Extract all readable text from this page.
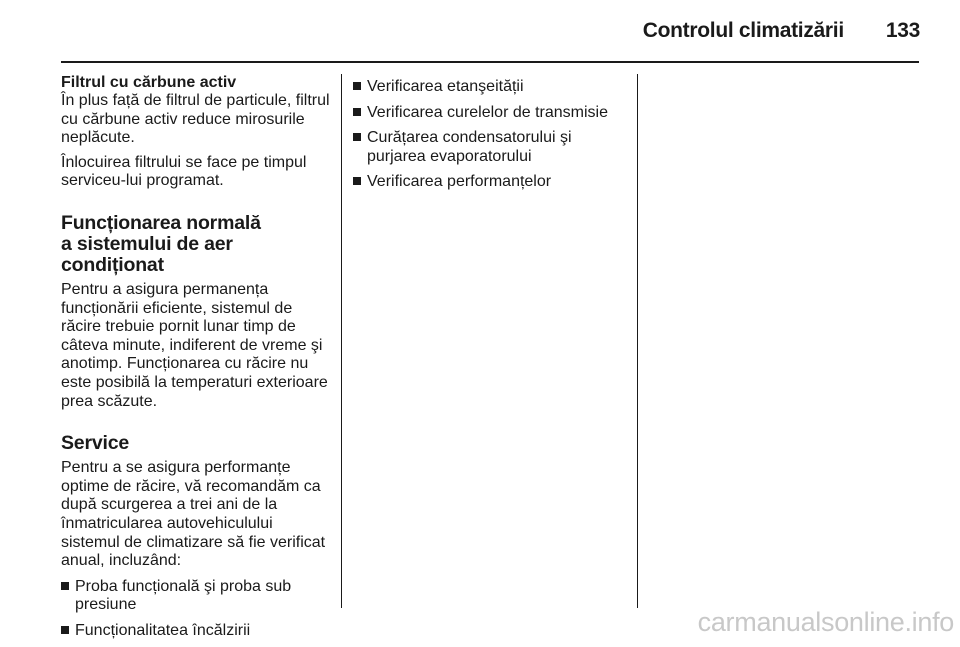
Controlul climatizării 133
Filtrul cu cărbune activ

În plus față de filtrul de particule, filtrul cu cărbune activ reduce mirosurile neplăcute.

Înlocuirea filtrului se face pe timpul serviceu-lui programat.

Funcționarea normală
a sistemului de aer condiționat

Pentru a asigura permanența funcționării eficiente, sistemul de răcire trebuie pornit lunar timp de câteva minute, indiferent de vreme şi anotimp. Funcționarea cu răcire nu este posibilă la temperaturi exterioare prea scăzute.

Service

Pentru a se asigura performanțe optime de răcire, vă recomandăm ca după scurgerea a trei ani de la înmatricularea autovehiculului sistemul de climatizare să fie verificat anual, incluzând:

Proba funcțională şi proba sub presiune
Funcționalitatea încălzirii
Verificarea etanşeității
Verificarea curelelor de transmisie
Curățarea condensatorului şi purjarea evaporatorului
Verificarea performanțelor
carmanualsonline.info
